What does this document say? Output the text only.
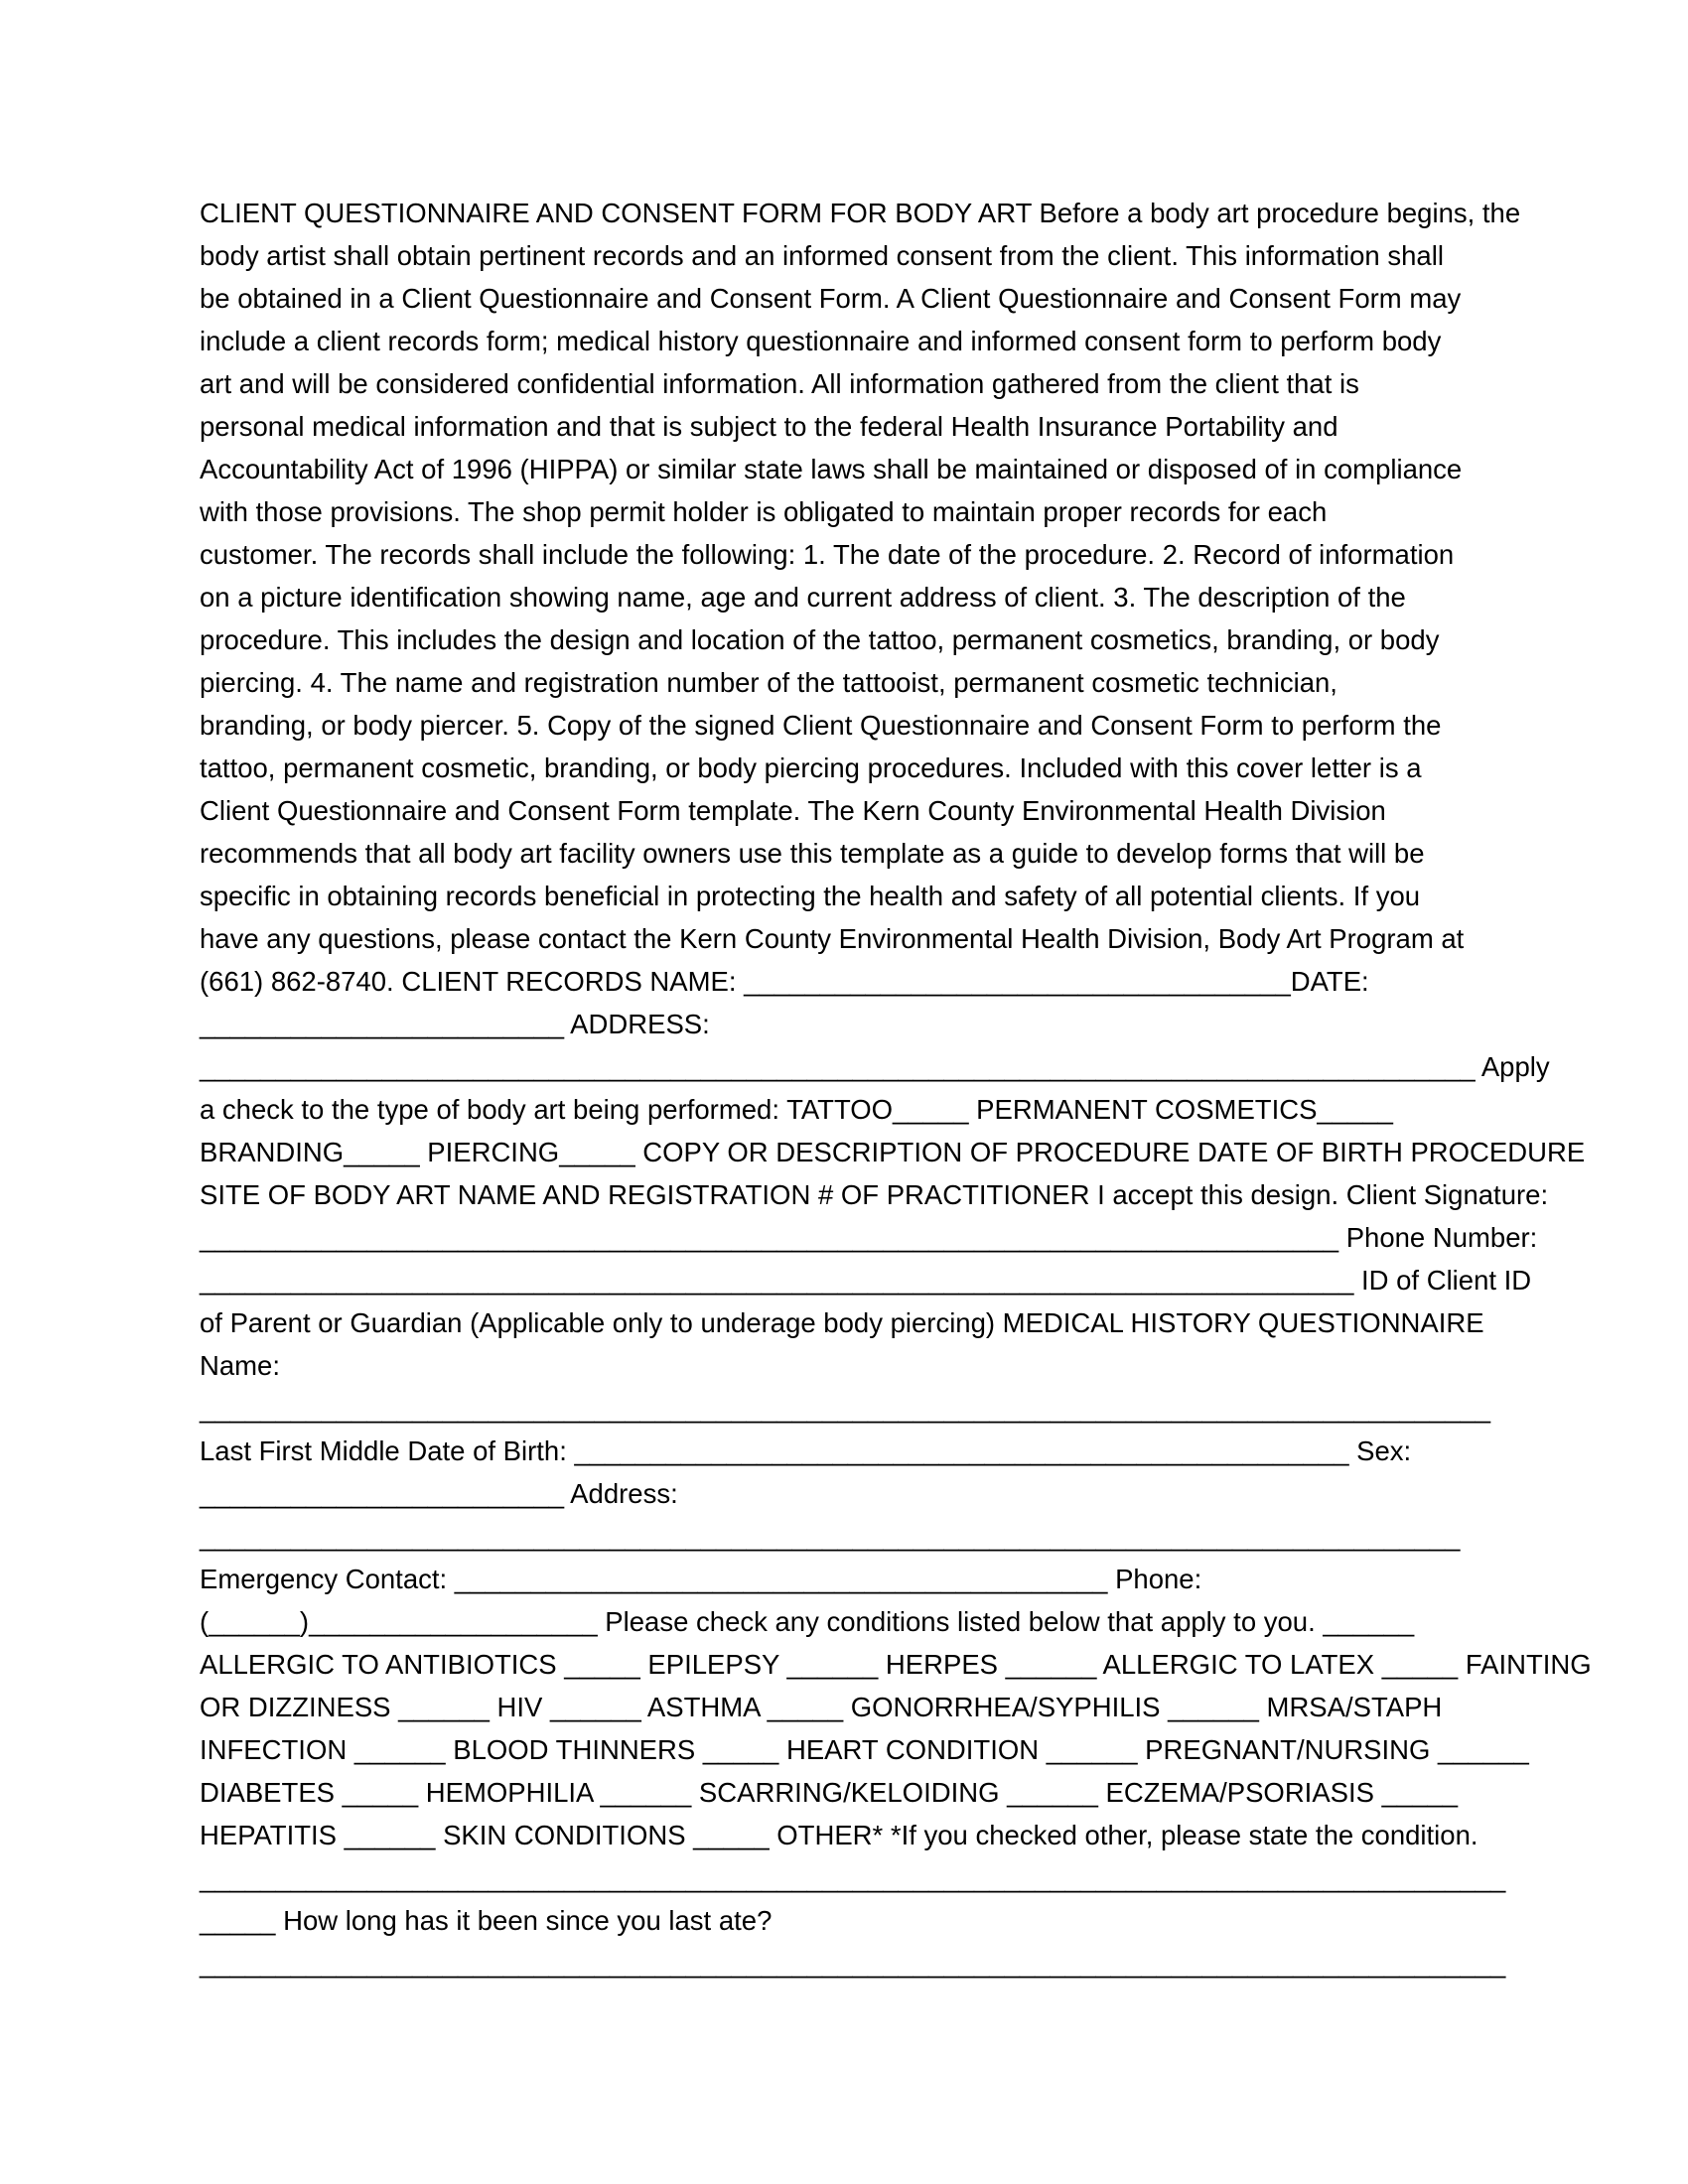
CLIENT QUESTIONNAIRE AND CONSENT FORM FOR BODY ART Before a body art procedure begins, the
body artist shall obtain pertinent records and an informed consent from the client. This information shall
be obtained in a Client Questionnaire and Consent Form. A Client Questionnaire and Consent Form may
include a client records form; medical history questionnaire and informed consent form to perform body
art and will be considered confidential information. All information gathered from the client that is
personal medical information and that is subject to the federal Health Insurance Portability and
Accountability Act of 1996 (HIPPA) or similar state laws shall be maintained or disposed of in compliance
with those provisions. The shop permit holder is obligated to maintain proper records for each
customer. The records shall include the following: 1. The date of the procedure. 2. Record of information
on a picture identification showing name, age and current address of client. 3. The description of the
procedure. This includes the design and location of the tattoo, permanent cosmetics, branding, or body
piercing. 4. The name and registration number of the tattooist, permanent cosmetic technician,
branding, or body piercer. 5. Copy of the signed Client Questionnaire and Consent Form to perform the
tattoo, permanent cosmetic, branding, or body piercing procedures. Included with this cover letter is a
Client Questionnaire and Consent Form template. The Kern County Environmental Health Division
recommends that all body art facility owners use this template as a guide to develop forms that will be
specific in obtaining records beneficial in protecting the health and safety of all potential clients. If you
have any questions, please contact the Kern County Environmental Health Division, Body Art Program at
(661) 862-8740. CLIENT RECORDS NAME: ____________________________________DATE:
________________________ ADDRESS:
____________________________________________________________________________________ Apply
a check to the type of body art being performed: TATTOO_____ PERMANENT COSMETICS_____
BRANDING_____ PIERCING_____ COPY OR DESCRIPTION OF PROCEDURE DATE OF BIRTH PROCEDURE
SITE OF BODY ART NAME AND REGISTRATION # OF PRACTITIONER I accept this design. Client Signature:
___________________________________________________________________________ Phone Number:
____________________________________________________________________________ ID of Client ID
of Parent or Guardian (Applicable only to underage body piercing) MEDICAL HISTORY QUESTIONNAIRE
Name:
_____________________________________________________________________________________
Last First Middle Date of Birth: ___________________________________________________ Sex:
________________________ Address:
___________________________________________________________________________________
Emergency Contact: ___________________________________________ Phone:
(______)___________________ Please check any conditions listed below that apply to you. ______
ALLERGIC TO ANTIBIOTICS _____ EPILEPSY ______ HERPES ______ ALLERGIC TO LATEX _____ FAINTING
OR DIZZINESS ______ HIV ______ ASTHMA _____ GONORRHEA/SYPHILIS ______ MRSA/STAPH
INFECTION ______ BLOOD THINNERS _____ HEART CONDITION ______ PREGNANT/NURSING ______
DIABETES _____ HEMOPHILIA ______ SCARRING/KELOIDING ______ ECZEMA/PSORIASIS _____
HEPATITIS ______ SKIN CONDITIONS _____ OTHER* *If you checked other, please state the condition.
______________________________________________________________________________________
_____ How long has it been since you last ate?
______________________________________________________________________________________
